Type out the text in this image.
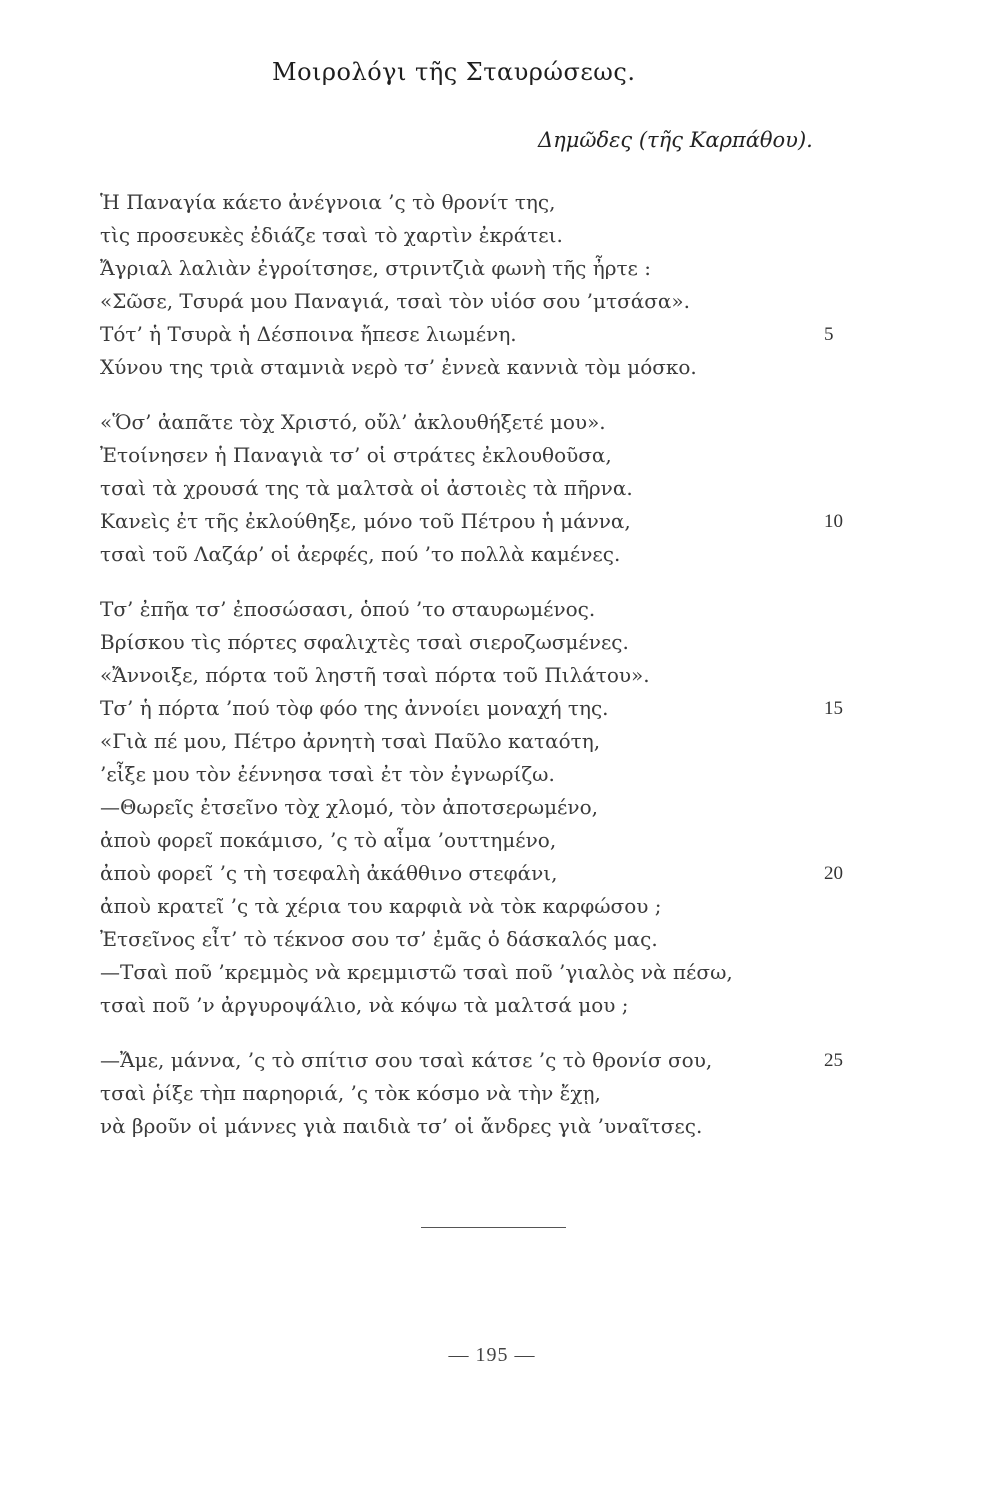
Μοιρολόγι τῆς Σταυρώσεως.
Δημῶδες (τῆς Καρπάθου).
Ἡ Παναγία κάετο ἀνέγνοια ’ς τὸ θρονίτ της,
τὶς προσευκὲς ἐδιάζε τσαὶ τὸ χαρτὶν ἐκράτει.
Ἄγριαλ λαλιὰν ἐγροίτσησε, στριντζιὰ φωνὴ τῆς ἦρτε :
«Σῶσε, Τσυρά μου Παναγιά, τσαὶ τὸν υἱόσ σου ’μτσάσα».
Τότ’ ἡ Τσυρὰ ἡ Δέσποινα ἤπεσε λιωμένη.	5
Χύνου της τριὰ σταμνιὰ νερὸ τσ’ ἐννεὰ καννιὰ τὸμ μόσκο.
«Ὅσ’ ἀαπᾶτε τὸχ Χριστό, οὔλ’ ἀκλουθήξετέ μου».
Ἐτοίνησεν ἡ Παναγιὰ τσ’ οἱ στράτες ἐκλουθοῦσα,
τσαὶ τὰ χρουσά της τὰ μαλτσὰ οἱ ἀστοιὲς τὰ πῆρνα.
Κανεὶς ἐτ τῆς ἐκλούθηξε, μόνο τοῦ Πέτρου ἡ μάννα,	10
τσαὶ τοῦ Λαζάρ’ οἱ ἀερφές, πού ’το πολλὰ καμένες.
Τσ’ ἐπῆα τσ’ ἐποσώσασι, ὁπού ’το σταυρωμένος.
Βρίσκου τὶς πόρτες σφαλιχτὲς τσαὶ σιεροζωσμένες.
«Ἄννοιξε, πόρτα τοῦ ληστῆ τσαὶ πόρτα τοῦ Πιλάτου».
Τσ’ ἡ πόρτα ’πού τὸφ φόο της ἀννοίει μοναχή της.	15
«Γιὰ πέ μου, Πέτρο ἀρνητὴ τσαὶ Παῦλο καταότη,
’εἶξε μου τὸν ἐέννησα τσαὶ ἐτ τὸν ἐγνωρίζω.
—Θωρεῖς ἐτσεῖνο τὸχ χλομό, τὸν ἀποτσερωμένο,
ἀποὺ φορεῖ ποκάμισο, ’ς τὸ αἷμα ’ουττημένο,
ἀποὺ φορεῖ ’ς τὴ τσεφαλὴ ἀκάθθινο στεφάνι,	20
ἀποὺ κρατεῖ ’ς τὰ χέρια του καρφιὰ νὰ τὸκ καρφώσου ;
Ἐτσεῖνος εἶτ’ τὸ τέκνοσ σου τσ’ ἐμᾶς ὁ δάσκαλός μας.
—Τσαὶ ποῦ ’κρεμμὸς νὰ κρεμμιστῶ τσαὶ ποῦ ’γιαλὸς νὰ πέσω,
τσαὶ ποῦ ’ν ἀργυροψάλιο, νὰ κόψω τὰ μαλτσά μου ;
—Ἄμε, μάννα, ’ς τὸ σπίτισ σου τσαὶ κάτσε ’ς τὸ θρονίσ σου,	25
τσαὶ ῥίξε τὴπ παρηοριά, ’ς τὸκ κόσμο νὰ τὴν ἔχῃ,
νὰ βροῦν οἱ μάννες γιὰ παιδιὰ τσ’ οἱ ἄνδρες γιὰ ’υναῖτσες.
— 195 —
